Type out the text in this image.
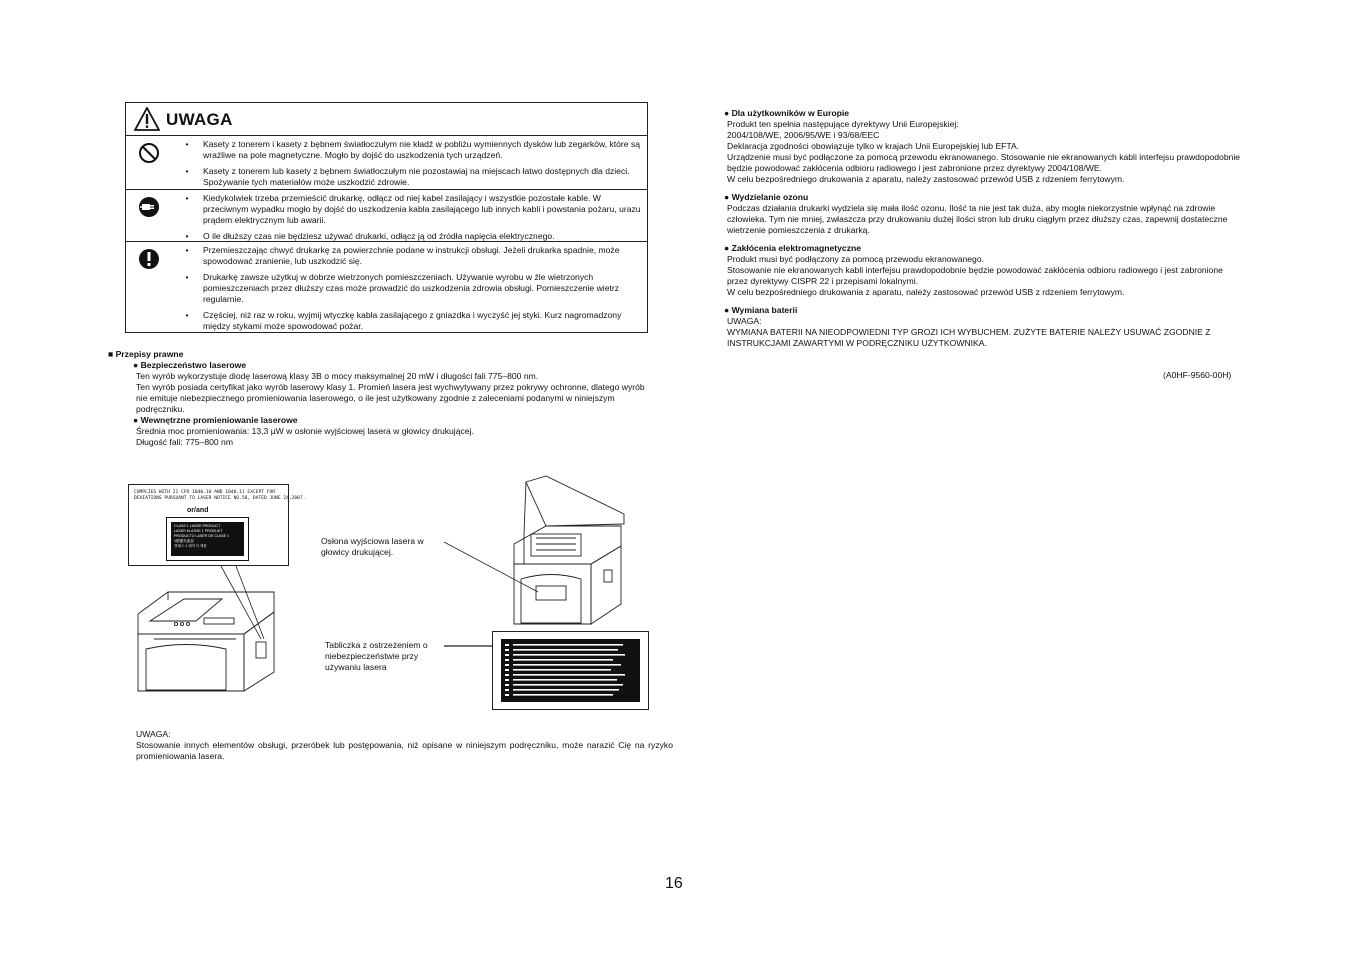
UWAGA
•	Kasety z tonerem i kasety z bębnem światłoczułym nie kładź w pobliżu wymiennych dysków lub zegarków, które są wrażliwe na pole magnetyczne. Mogło by dojść do uszkodzenia tych urządzeń.
•	Kasety z tonerem lub kasety z bębnem światłoczułym nie pozostawiaj na miejscach łatwo dostępnych dla dzieci. Spożywanie tych materiałów może uszkodzić zdrowie.
•	Kiedykolwiek trzeba przemieścić drukarkę, odłącz od niej kabel zasilający i wszystkie pozostałe kable. W przeciwnym wypadku mogło by dojść do uszkodzenia kabla zasilającego lub innych kabli i powstania pożaru, urazu prądem elektrycznym lub awarii.
•	O ile dłuższy czas nie będziesz używać drukarki, odłącz ją od źródła napięcia elektrycznego.
•	Przemieszczając chwyć drukarkę za powierzchnie podane w instrukcji obsługi. Jeżeli drukarka spadnie, może spowodować zranienie, lub uszkodzić się.
•	Drukarkę zawsze użytkuj w dobrze wietrzonych pomieszczeniach. Używanie wyrobu w źle wietrzonych pomieszczeniach przez dłuższy czas może prowadzić do uszkodzenia zdrowia obsługi. Pomieszczenie wietrz regularnie.
•	Częściej, niż raz w roku, wyjmij wtyczkę kabla zasilającego z gniazdka i wyczyść jej styki. Kurz nagromadzony między stykami może spowodować pożar.
■ Przepisy prawne
● Bezpieczeństwo laserowe
Ten wyrób wykorzystuje diodę laserową klasy 3B o mocy maksymalnej 20 mW i długości fali 775–800 nm.
Ten wyrób posiada certyfikat jako wyrób laserowy klasy 1. Promień lasera jest wychwytywany przez pokrywy ochronne, dlatego wyrób nie emituje niebezpiecznego promieniowania laserowego, o ile jest użytkowany zgodnie z zaleceniami podanymi w niniejszym podręczniku.
● Wewnętrzne promieniowanie laserowe
Średnia moc promieniowania: 13,3 µW w osłonie wyjściowej lasera w głowicy drukującej.
Długość fali: 775–800 nm
COMPLIES WITH 21 CFR 1040.10 AND 1040.11 EXCEPT FOR
DEVIATIONS PURSUANT TO LASER NOTICE NO.50, DATED JUNE 24,2007.
or/and
CLASS 1 LASER PRODUCT
LASER KLASSE 1 PRODUKT
PRODUCTO LASER DE CLASE 1
1類激光產品
클래스 1 레이저 제품	Osłona wyjściowa lasera w głowicy drukującej.
Tabliczka z ostrzeżeniem o niebezpieczeństwie przy używaniu lasera
UWAGA:
Stosowanie innych elementów obsługi, przeróbek lub postępowania, niż opisane w niniejszym podręczniku, może narazić Cię na ryzyko promieniowania lasera.
● Dla użytkowników w Europie
Produkt ten spełnia następujące dyrektywy Unii Europejskiej:
2004/108/WE, 2006/95/WE i 93/68/EEC
Deklaracja zgodności obowiązuje tylko w krajach Unii Europejskiej lub EFTA.
Urządzenie musi być podłączone za pomocą przewodu ekranowanego. Stosowanie nie ekranowanych kabli interfejsu prawdopodobnie będzie powodować zakłócenia odbioru radiowego i jest zabronione przez dyrektywy 2004/108/WE.
W celu bezpośredniego drukowania z aparatu, należy zastosować przewód USB z rdzeniem ferrytowym.
● Wydzielanie ozonu
Podczas działania drukarki wydziela się mała ilość ozonu. Ilość ta nie jest tak duża, aby mogła niekorzystnie wpłynąć na zdrowie człowieka. Tym nie mniej, zwłaszcza przy drukowaniu dużej ilości stron lub druku ciągłym przez dłuższy czas, zapewnij dostateczne wietrzenie pomieszczenia z drukarką.
● Zakłócenia elektromagnetyczne
Produkt musi być podłączony za pomocą przewodu ekranowanego.
Stosowanie nie ekranowanych kabli interfejsu prawdopodobnie będzie powodować zakłócenia odbioru radiowego i jest zabronione przez dyrektywy CISPR 22 i przepisami lokalnymi.
W celu bezpośredniego drukowania z aparatu, należy zastosować przewód USB z rdzeniem ferrytowym.
● Wymiana baterii
UWAGA:
WYMIANA BATERII NA NIEODPOWIEDNI TYP GROZI ICH WYBUCHEM. ZUŻYTE BATERIE NALEŻY USUWAĆ ZGODNIE Z INSTRUKCJAMI ZAWARTYMI W PODRĘCZNIKU UŻYTKOWNIKA.
(A0HF-9560-00H)
16
